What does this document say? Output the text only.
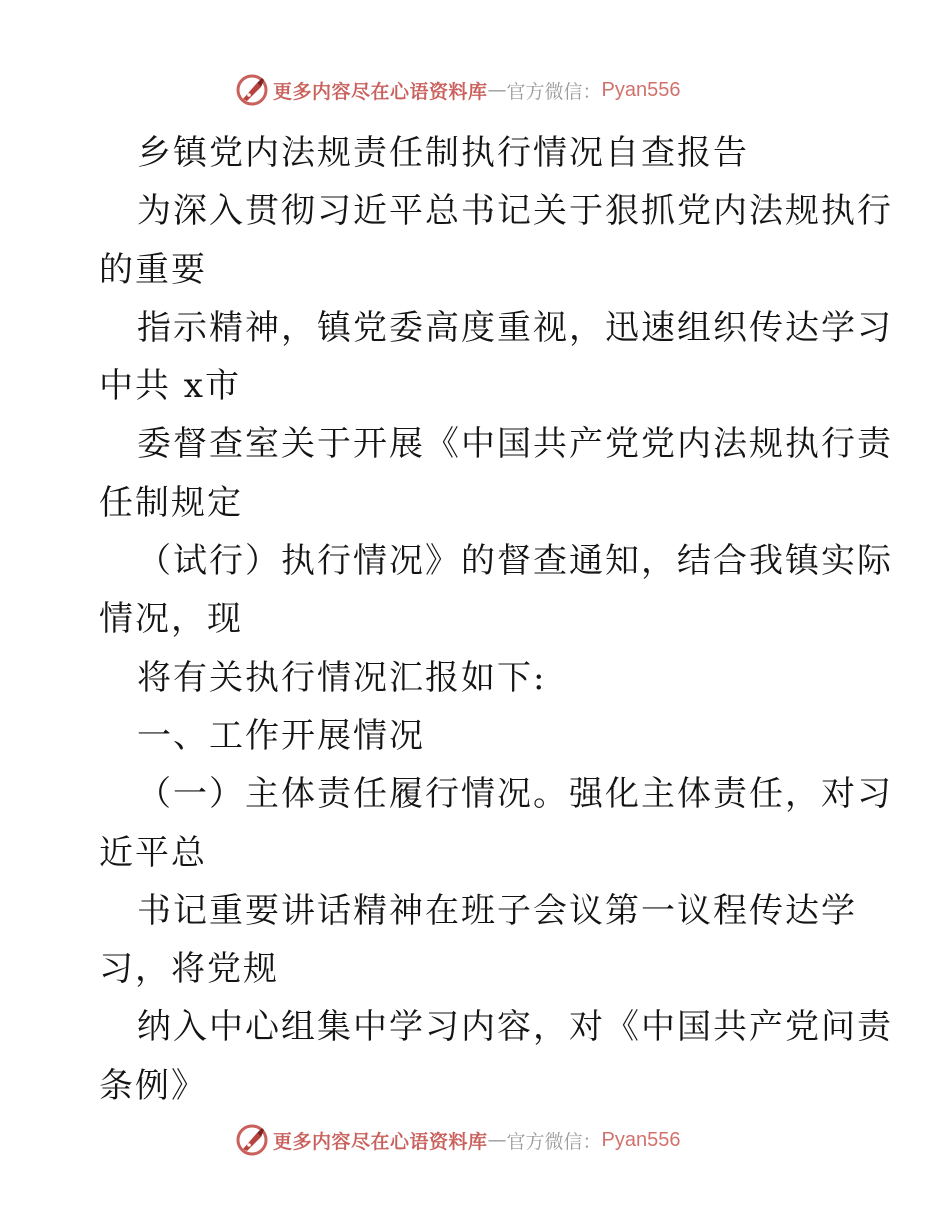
更多内容尽在心语资料库 — 官方微信： Pyan556
乡镇党内法规责任制执行情况自查报告
为深入贯彻习近平总书记关于狠抓党内法规执行
的重要
指示精神，镇党委高度重视，迅速组织传达学习
中共 x市
委督查室关于开展《中国共产党党内法规执行责
任制规定
（试行）执行情况》的督查通知，结合我镇实际
情况，现
将有关执行情况汇报如下:
一、工作开展情况
（一）主体责任履行情况。强化主体责任，对习
近平总
书记重要讲话精神在班子会议第一议程传达学
习，将党规
纳入中心组集中学习内容，对《中国共产党问责
条例》
更多内容尽在心语资料库 — 官方微信： Pyan556
